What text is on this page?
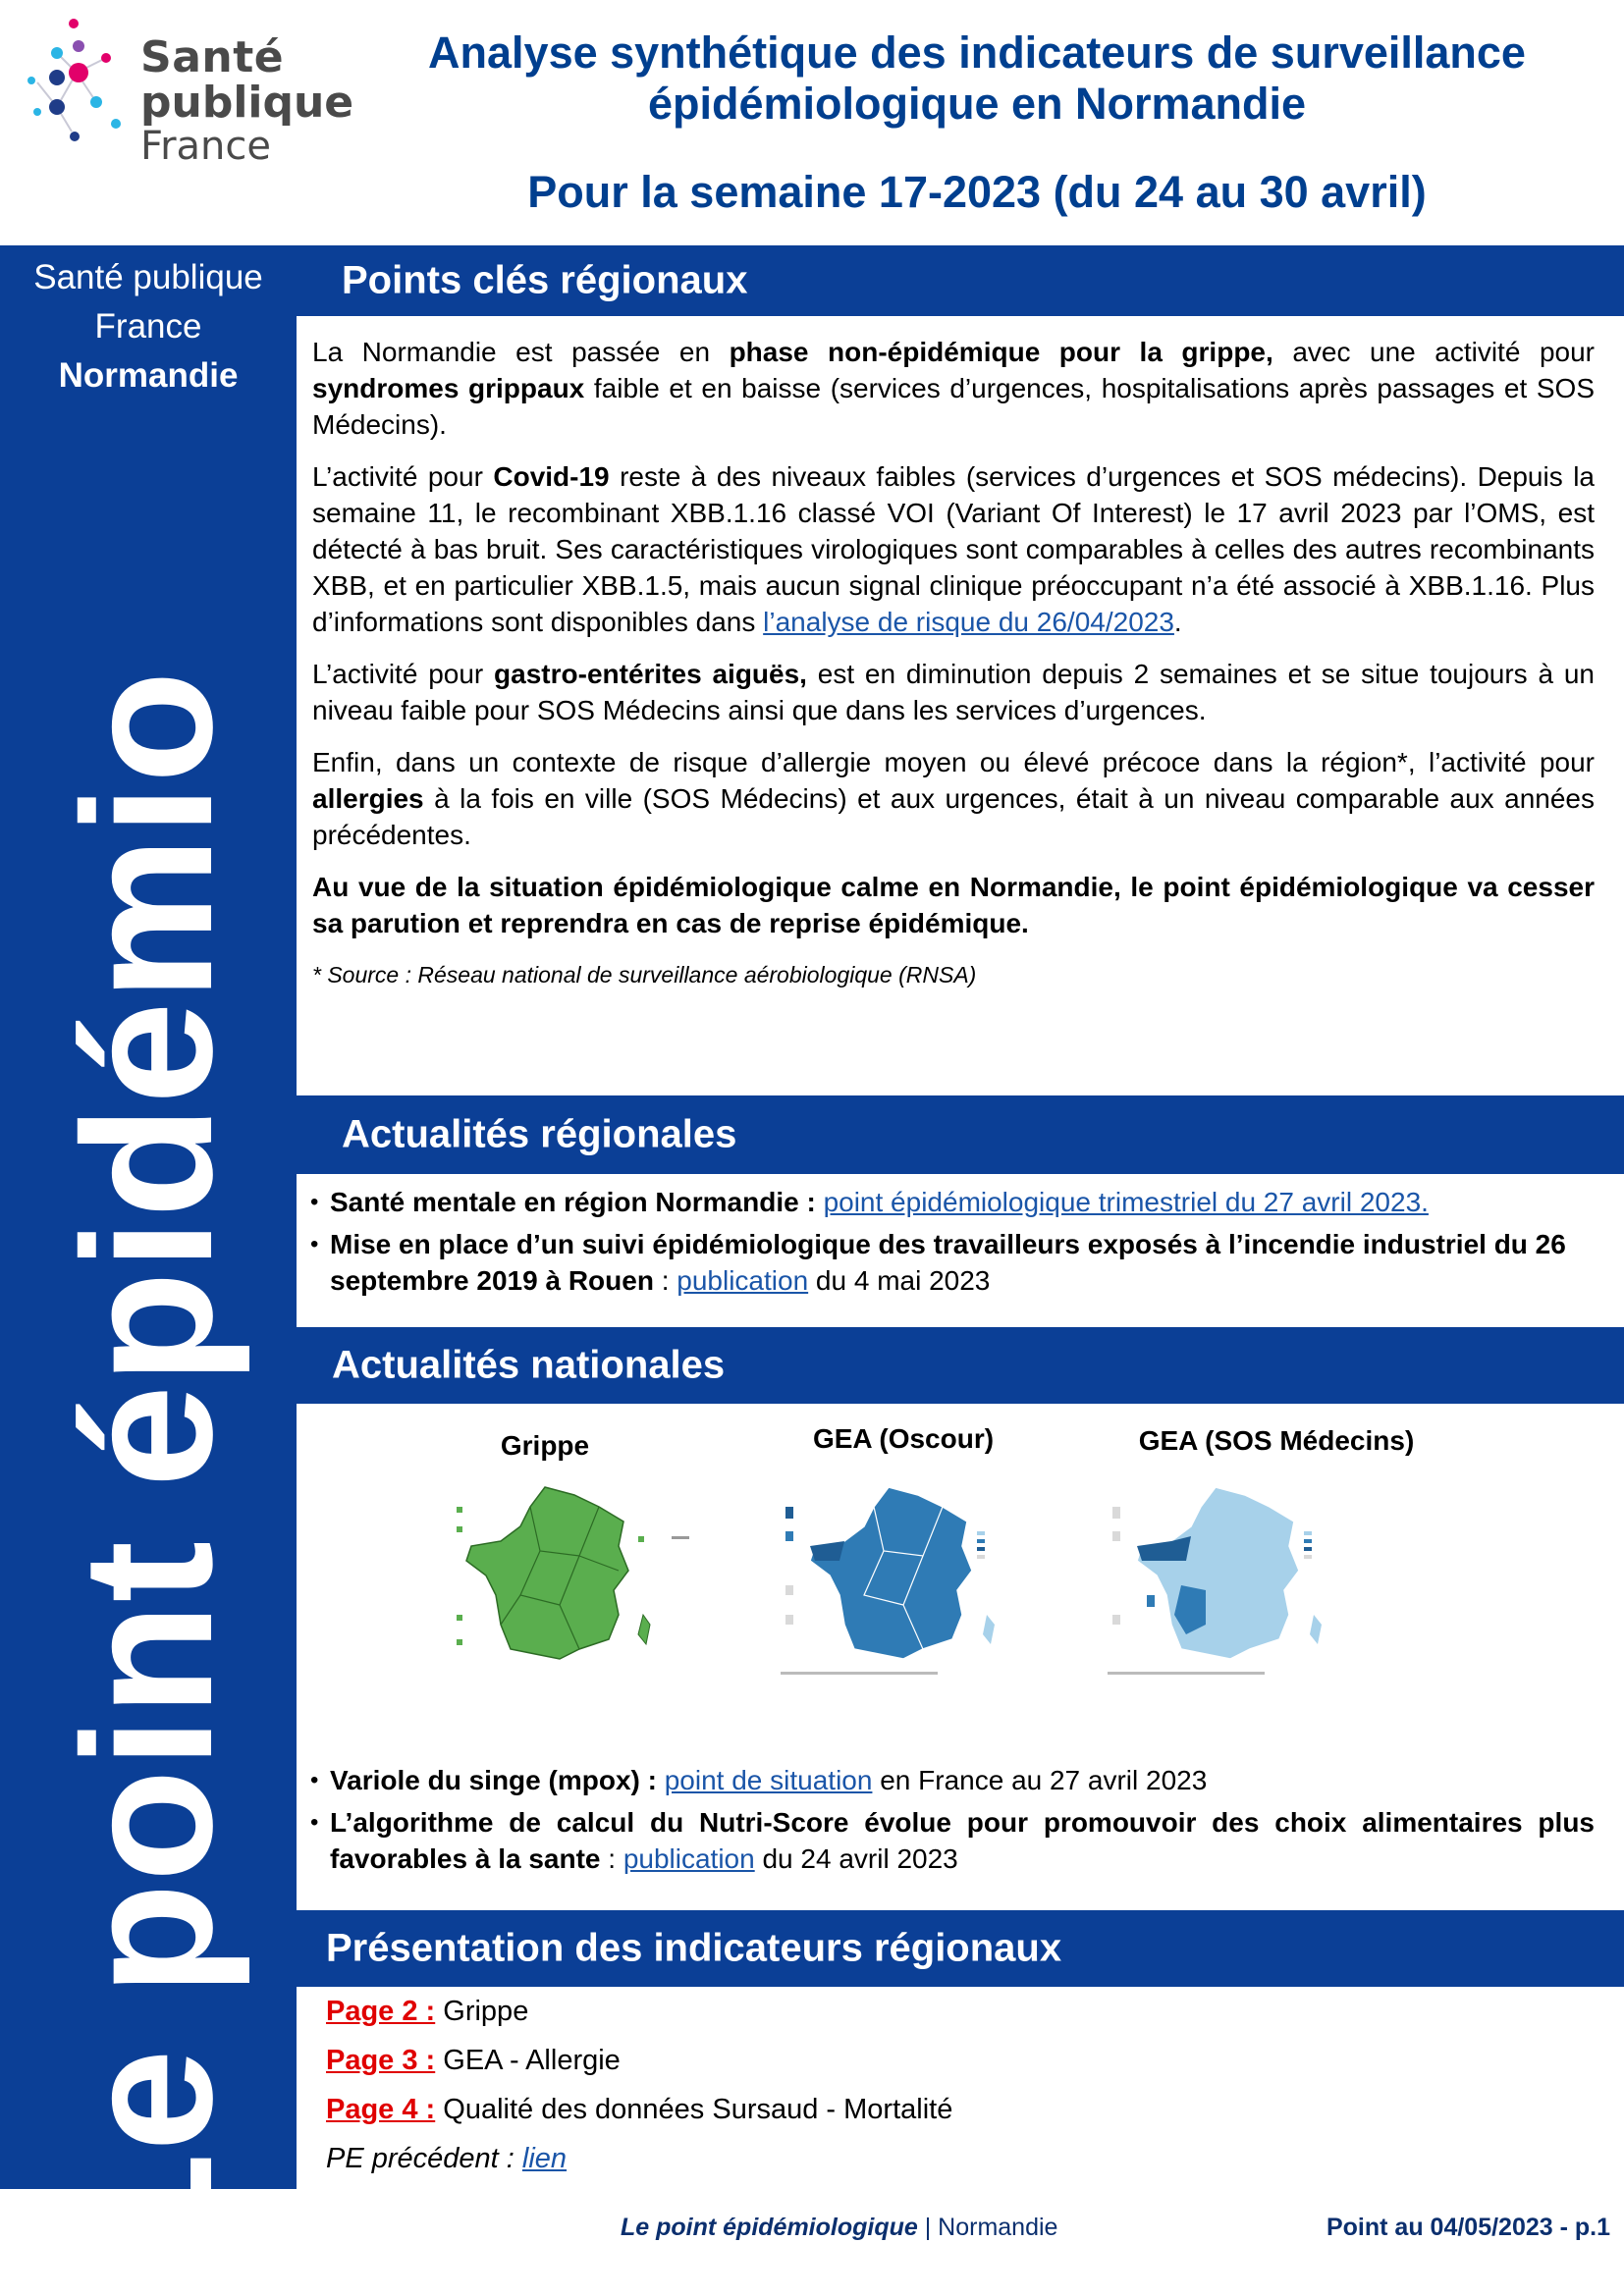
Santé
publique
France
Analyse synthétique des indicateurs de surveillance
épidémiologique en Normandie
Pour la semaine 17-2023 (du 24 au 30 avril)
Santé publique
France
Normandie
Le point épidémio
Points clés régionaux

La Normandie est passée en phase non-épidémique pour la grippe, avec une activité pour syndromes grippaux faible et en baisse (services d’urgences, hospitalisations après passages et SOS Médecins).

L’activité pour Covid-19 reste à des niveaux faibles (services d’urgences et SOS médecins). Depuis la semaine 11, le recombinant XBB.1.16 classé VOI (Variant Of Interest) le 17 avril 2023 par l’OMS, est détecté à bas bruit. Ses caractéristiques virologiques sont comparables à celles des autres recombinants XBB, et en particulier XBB.1.5, mais aucun signal clinique préoccupant n’a été associé à XBB.1.16. Plus d’informations sont disponibles dans l’analyse de risque du 26/04/2023.

L’activité pour gastro-entérites aiguës, est en diminution depuis 2 semaines et se situe toujours à un niveau faible pour SOS Médecins ainsi que dans les services d’urgences.

Enfin, dans un contexte de risque d’allergie moyen ou élevé précoce dans la région*, l’activité pour allergies à la fois en ville (SOS Médecins) et aux urgences, était à un niveau comparable aux années précédentes.

Au vue de la situation épidémiologique calme en Normandie, le point épidémiologique va cesser sa parution et reprendra en cas de reprise épidémique.

* Source : Réseau national de surveillance aérobiologique (RNSA)

Actualités régionales
• Santé mentale en région Normandie : point épidémiologique trimestriel du 27 avril 2023.
• Mise en place d’un suivi épidémiologique des travailleurs exposés à l’incendie industriel du 26 septembre 2019 à Rouen : publication du 4 mai 2023
Actualités nationales
Grippe	GEA (Oscour)	GEA (SOS Médecins)
• Variole du singe (mpox) : point de situation en France au 27 avril 2023
• L’algorithme de calcul du Nutri-Score évolue pour promouvoir des choix alimentaires plus favorables à la sante : publication du 24 avril 2023
Présentation des indicateurs régionaux
Page 2 : Grippe
Page 3 : GEA - Allergie
Page 4 : Qualité des données Sursaud - Mortalité
PE précédent : lien
Le point épidémiologique | Normandie	Point au 04/05/2023 - p.1
